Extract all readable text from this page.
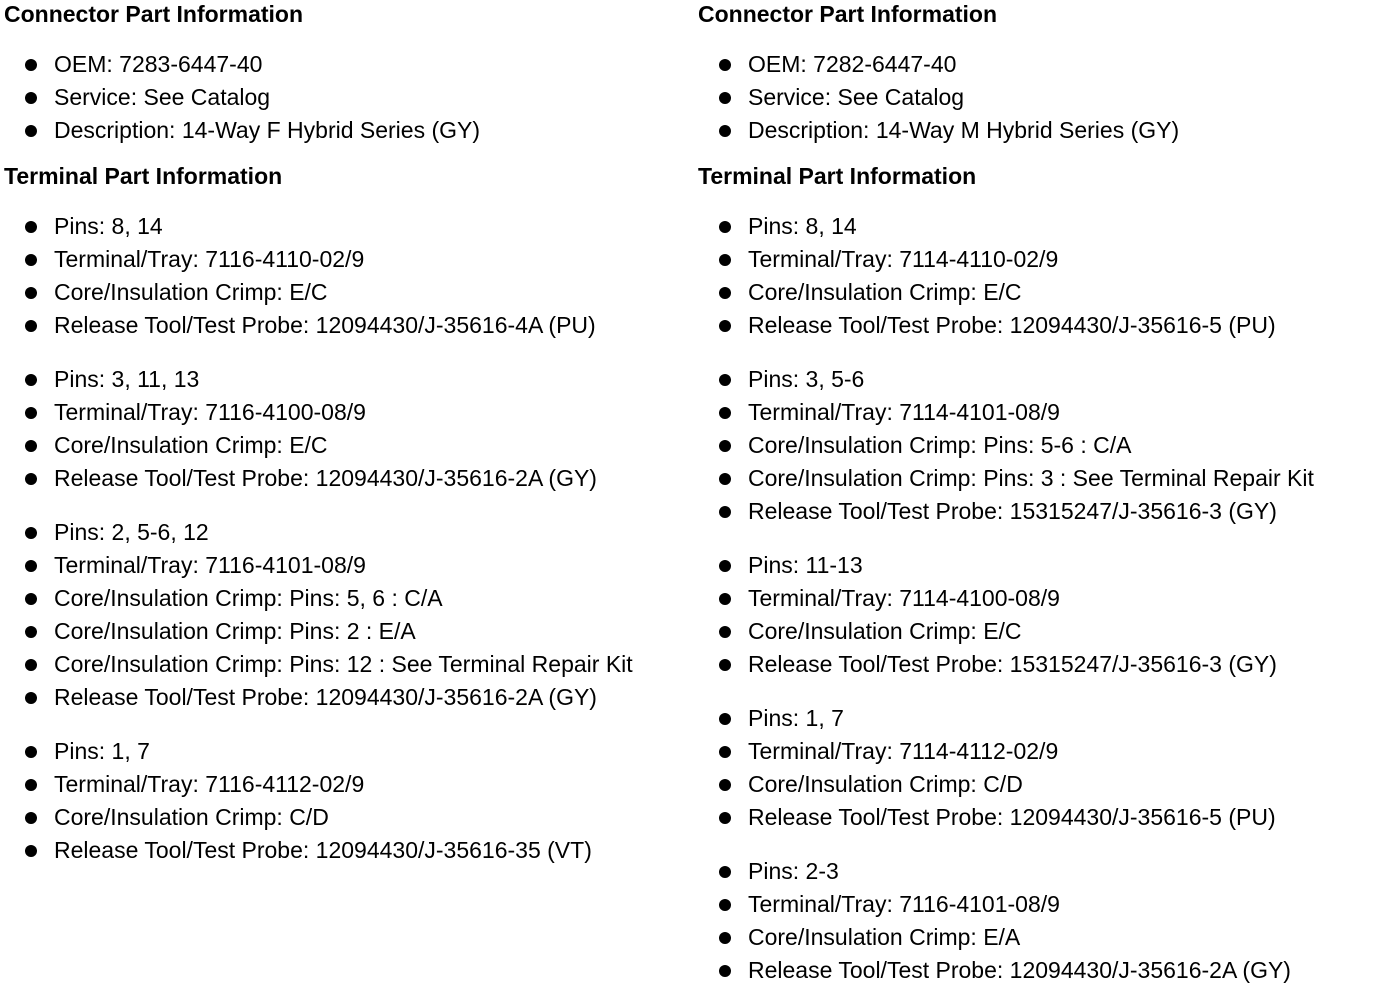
Connector Part Information
OEM: 7283-6447-40
Service: See Catalog
Description: 14-Way F Hybrid Series (GY)
Terminal Part Information
Pins: 8, 14
Terminal/Tray: 7116-4110-02/9
Core/Insulation Crimp: E/C
Release Tool/Test Probe: 12094430/J-35616-4A (PU)
Pins: 3, 11, 13
Terminal/Tray: 7116-4100-08/9
Core/Insulation Crimp: E/C
Release Tool/Test Probe: 12094430/J-35616-2A (GY)
Pins: 2, 5-6, 12
Terminal/Tray: 7116-4101-08/9
Core/Insulation Crimp: Pins: 5, 6 : C/A
Core/Insulation Crimp: Pins: 2 : E/A
Core/Insulation Crimp: Pins: 12 : See Terminal Repair Kit
Release Tool/Test Probe: 12094430/J-35616-2A (GY)
Pins: 1, 7
Terminal/Tray: 7116-4112-02/9
Core/Insulation Crimp: C/D
Release Tool/Test Probe: 12094430/J-35616-35 (VT)
Connector Part Information
OEM: 7282-6447-40
Service: See Catalog
Description: 14-Way M Hybrid Series (GY)
Terminal Part Information
Pins: 8, 14
Terminal/Tray: 7114-4110-02/9
Core/Insulation Crimp: E/C
Release Tool/Test Probe: 12094430/J-35616-5 (PU)
Pins: 3, 5-6
Terminal/Tray: 7114-4101-08/9
Core/Insulation Crimp: Pins: 5-6 : C/A
Core/Insulation Crimp: Pins: 3 : See Terminal Repair Kit
Release Tool/Test Probe: 15315247/J-35616-3 (GY)
Pins: 11-13
Terminal/Tray: 7114-4100-08/9
Core/Insulation Crimp: E/C
Release Tool/Test Probe: 15315247/J-35616-3 (GY)
Pins: 1, 7
Terminal/Tray: 7114-4112-02/9
Core/Insulation Crimp: C/D
Release Tool/Test Probe: 12094430/J-35616-5 (PU)
Pins: 2-3
Terminal/Tray: 7116-4101-08/9
Core/Insulation Crimp: E/A
Release Tool/Test Probe: 12094430/J-35616-2A (GY)
